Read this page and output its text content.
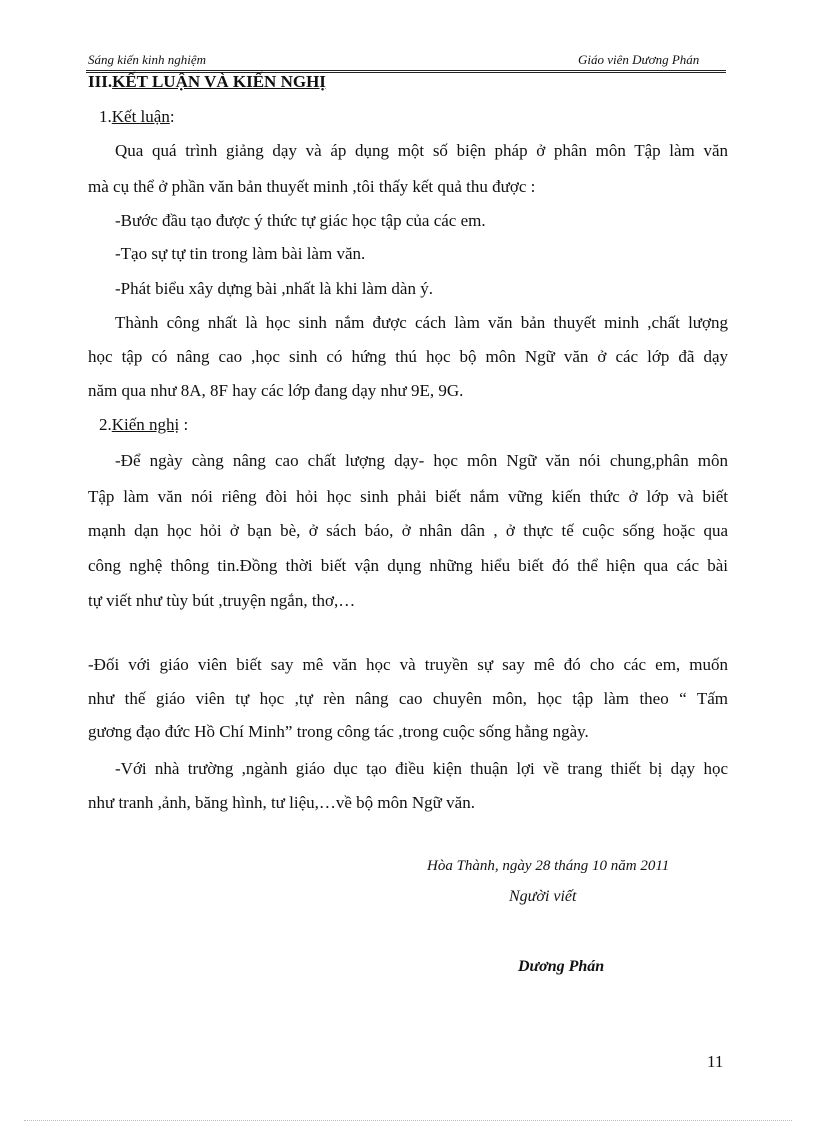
Sáng kiến kinh nghiệm	Giáo viên Dương Phán
III.KẾT LUẬN VÀ KIẾN NGHỊ
1.Kết luận:
Qua quá trình giảng dạy và áp dụng một số biện pháp ở phân môn Tập làm văn
mà cụ thể ở phần văn bản thuyết minh ,tôi thấy kết quả thu được :
-Bước đầu tạo được ý thức tự giác học tập của các em.
-Tạo sự tự tin trong làm bài làm văn.
-Phát biểu xây dựng bài ,nhất là khi làm dàn ý.
Thành công nhất là học sinh nắm được cách làm văn bản thuyết minh ,chất lượng
học tập có nâng cao ,học sinh có hứng thú học bộ môn Ngữ văn ở các lớp đã dạy
năm qua như 8A, 8F hay các lớp đang dạy như 9E, 9G.
2.Kiến nghị :
-Để ngày càng nâng cao chất lượng dạy- học môn Ngữ văn nói chung,phân môn
Tập làm văn nói riêng đòi hỏi học sinh phải biết nắm vững kiến thức ở lớp và biết
mạnh dạn học hỏi ở bạn bè, ở sách báo, ở nhân dân , ở thực tế cuộc sống hoặc qua
công nghệ thông tin.Đồng thời biết vận dụng những hiểu biết đó thể hiện qua các bài
tự viết như tùy bút ,truyện ngắn, thơ,…
-Đối với giáo viên biết say mê văn học và truyền sự say mê đó cho các em, muốn
như thế giáo viên tự học ,tự rèn nâng cao chuyên môn, học tập làm theo “ Tấm
gương đạo đức Hồ Chí Minh” trong công tác ,trong cuộc sống hằng ngày.
-Với nhà trường ,ngành giáo dục tạo điều kiện thuận lợi về trang thiết bị dạy học
như tranh ,ảnh, băng hình, tư liệu,…về bộ môn Ngữ văn.
Hòa Thành, ngày 28 tháng 10 năm 2011
Người viết
Dương Phán
11
